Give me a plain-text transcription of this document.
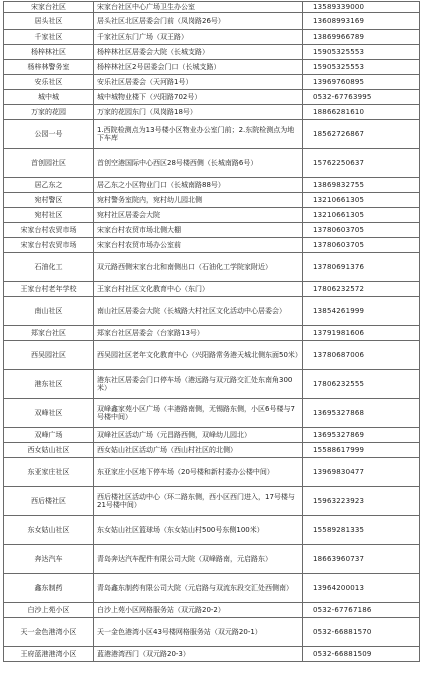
宋家台社区	宋家台社区中心广场卫生办公室	13589339000
居头社区	居头社区北区居委会门前（凤岗路26号）	13608993169
千家社区	千家社区东门广场（双王路）	13869966789
杨梓林社区	杨梓林社区居委会大院（长城支路）	15905325553
杨梓林警务室	杨梓林社区2号居委会门口（长城支路）	15905325553
安乐社区	安乐社区居委会（天河路1号）	13969760895
城中城	城中城物业楼下（兴阳路702号）	0532-67763995
万家的花园	万家的花园东门（凤岗路18号）	18866281610
公园一号	1.西院检测点为13号楼小区物业办公室门前；2.东院检测点为地下车库	18562726867
首创园社区	首创空港国际中心西区28号楼西侧（长城南路6号）	15762250637
居乙东之	居乙东之小区物业门口（长城南路88号）	13869832755
宛村警区	宛村警务室院内，宛村幼儿园北侧	13210661305
宛村社区	宛村社区居委会大院	13210661305
宋家台村农贸市场	宋家台村农贸市场北侧大棚	13780603705
宋家台村农贸市场	宋家台村农贸市场办公室前	13780603705
石油化工	双元路西侧宋家台北和南侧出口（石油化工学院家附近）	13780691376
王家台村老年学校	王家台村社区文化教育中心（东门）	17806232572
南山社区	南山社区居委会大院（长城路大村社区文化活动中心居委会）	13854261999
郑家台社区	郑家台社区居委会（台家路13号）	13791981606
西吴园社区	西吴园社区老年文化教育中心（兴阳路常务港天城北侧东面50米）	13780687006
港东社区	港东社区居委会门口停车场（港远路与双元路交汇处东南角300米）	17806232555
双峰社区	双峰鑫家苑小区广场（丰港路南侧，无锡路东侧，小区6号楼与7号楼中间）	13695327868
双峰广场	双峰社区活动广场（元昌路西侧，双峰幼儿园北）	13695327869
西女姑山社区	西女姑山社区活动广场（西山村社区的北侧）	15588617999
东亚家庄社区	东亚家庄小区地下停车场（20号楼和新村委办公楼中间）	13969830477
西后楼社区	西后楼社区活动中心（环二路东侧，西小区西门进入，17号楼与21号楼中间）	15963223923
东女姑山社区	东女姑山社区篮球场（东女姑山村500号东侧100米）	15589281335
奔达汽车	青岛奔达汽车配件有限公司大院（双峰路南，元启路东）	18663960737
鑫东制药	青岛鑫东制药有限公司大院（元启路与双流东段交汇处西侧南）	13964200013
白沙上苑小区	白沙上苑小区网格服务站（双元路20-2）	0532-67767186
天一金色港湾小区	天一金色港湾小区43号楼网格服务站（双元路20-1）	0532-66881570
王府蓝港港湾小区	蓝港港湾西门（双元路20-3）	0532-66881509
